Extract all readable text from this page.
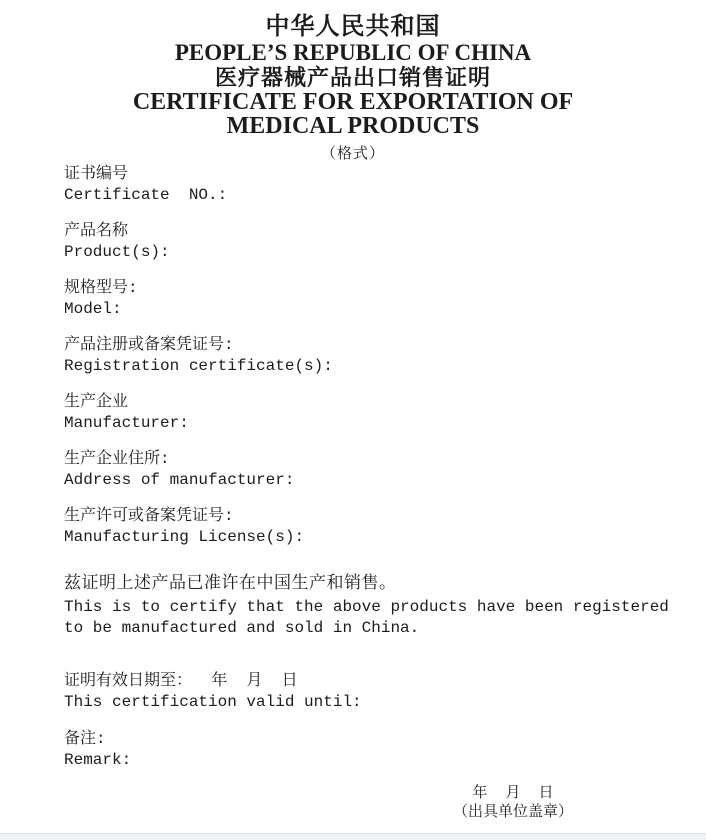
中华人民共和国
PEOPLE’S REPUBLIC OF CHINA
医疗器械产品出口销售证明
CERTIFICATE FOR EXPORTATION OF MEDICAL PRODUCTS
（格式）
证书编号
Certificate  NO.:
产品名称
Product(s):
规格型号:
Model:
产品注册或备案凭证号:
Registration certificate(s):
生产企业
Manufacturer:
生产企业住所:
Address of manufacturer:
生产许可或备案凭证号:
Manufacturing License(s):
兹证明上述产品已准许在中国生产和销售。
This is to certify that the above products have been registered
to be manufactured and sold in China.
证明有效日期至：  年  月  日
This certification valid until:
备注:
Remark:
年  月  日
（出具单位盖章）
